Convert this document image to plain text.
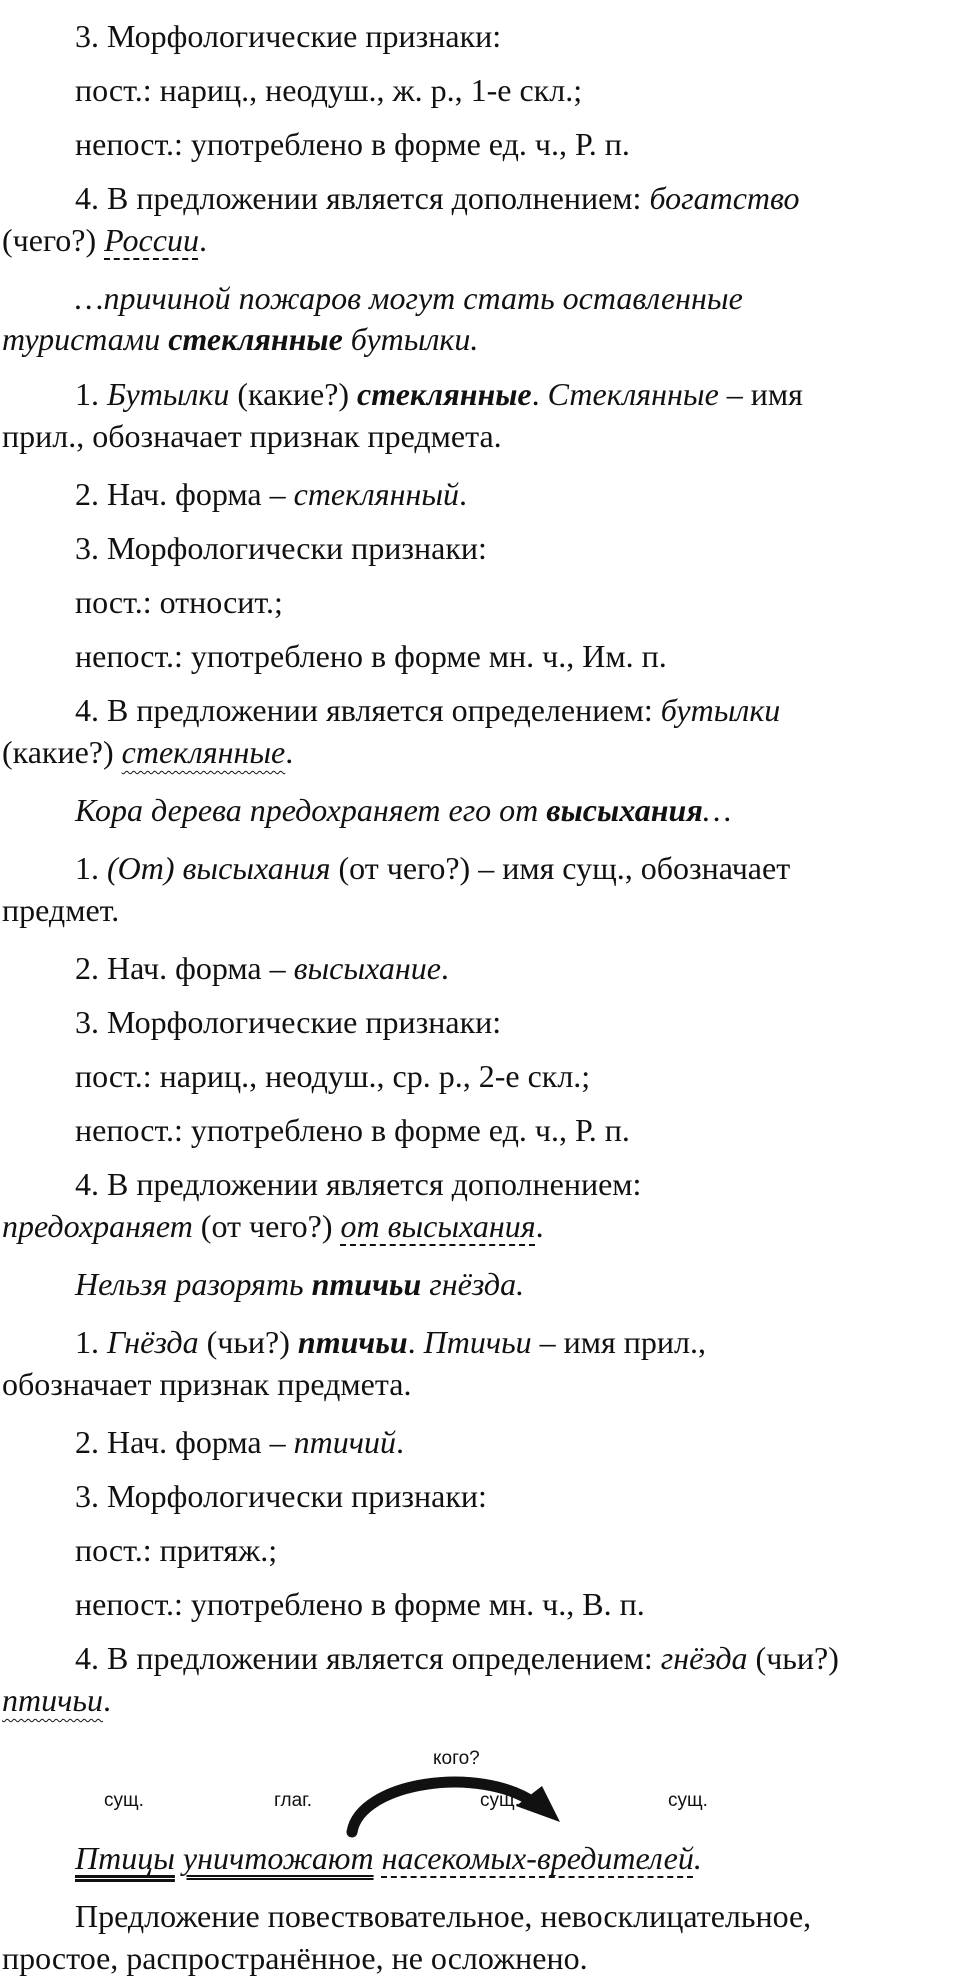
3. Морфологические признаки:
пост.: нариц., неодуш., ж. р., 1-е скл.;
непост.: употреблено в форме ед. ч., Р. п.
4. В предложении является дополнением: богатство
(чего?) России.
…причиной пожаров могут стать оставленные
туристами стеклянные бутылки.
1. Бутылки (какие?) стеклянные. Стеклянные – имя
прил., обозначает признак предмета.
2. Нач. форма – стеклянный.
3. Морфологически признаки:
пост.: относит.;
непост.: употреблено в форме мн. ч., Им. п.
4. В предложении является определением: бутылки
(какие?) стеклянные.
Кора дерева предохраняет его от высыхания…
1. (От) высыхания (от чего?) – имя сущ., обозначает
предмет.
2. Нач. форма – высыхание.
3. Морфологические признаки:
пост.: нариц., неодуш., ср. р., 2-е скл.;
непост.: употреблено в форме ед. ч., Р. п.
4. В предложении является дополнением:
предохраняет (от чего?) от высыхания.
Нельзя разорять птичьи гнёзда.
1. Гнёзда (чьи?) птичьи. Птичьи – имя прил.,
обозначает признак предмета.
2. Нач. форма – птичий.
3. Морфологически признаки:
пост.: притяж.;
непост.: употреблено в форме мн. ч., В. п.
4. В предложении является определением: гнёзда (чьи?)
птичьи.
кого?
сущ.	глаг.	сущ.	сущ.
Птицы уничтожают насекомых-вредителей.
Предложение повествовательное, невосклицательное,
простое, распространённое, не осложнено.
